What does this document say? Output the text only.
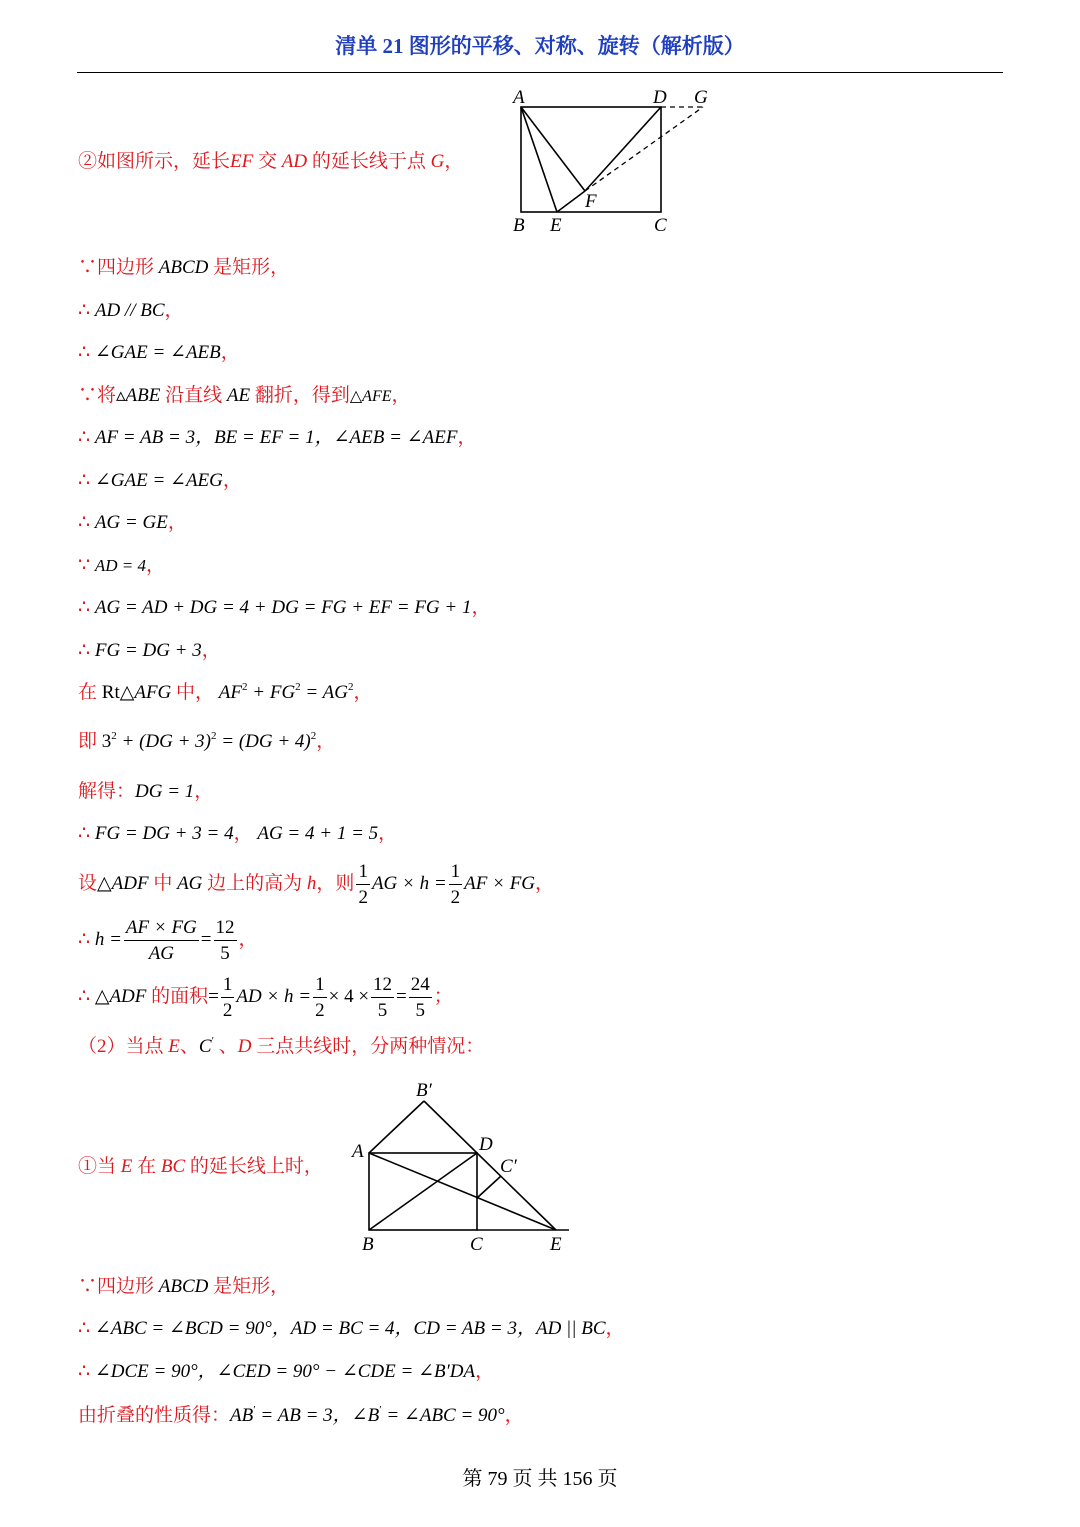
清单 21 图形的平移、对称、旋转（解析版）
A	D G
F
B E	C
B′
A	D
C′
B	C	E
②如图所示，延长EF 交 AD 的延长线于点 G，
∵四边形 ABCD 是矩形，
∴ AD // BC，
∴ ∠GAE = ∠AEB，
∵将▵ABE 沿直线 AE 翻折，得到△AFE，
∴ AF = AB = 3，BE = EF = 1，∠AEB = ∠AEF，
∴ ∠GAE = ∠AEG，
∴ AG = GE，
∵ AD = 4，
∴ AG = AD + DG = 4 + DG = FG + EF = FG + 1，
∴ FG = DG + 3，
在 Rt△AFG 中， $AF^2 + FG^2 = AG^2$，
即 $3^2 + (DG + 3)^2 = (DG + 4)^2$，
解得：DG = 1，
∴ FG = DG + 3 = 4， AG = 4 + 1 = 5，
设△ADF 中 AG 边上的高为 h，则 $\frac{1}{2}$ AG × $h = \frac{1}{2}$ AF × FG，
∴ $h = \frac{AF \times FG}{AG} = \frac{12}{5}$ ，
∴ △ADF 的面积= $\frac{1}{2}$ AD × $h = \frac{1}{2} \times 4 \times \frac{12}{5} = \frac{24}{5}$ ；
（2）当点 E、C′ 、D 三点共线时，分两种情况：
①当 E 在 BC 的延长线上时，
∵四边形 ABCD 是矩形，
∴ ∠ABC = ∠BCD = 90°，AD = BC = 4，CD = AB = 3，AD || BC，
∴ ∠DCE = 90°，∠CED = 90° − ∠CDE = ∠B′DA，
由折叠的性质得：AB′ = AB = 3，∠B′ = ∠ABC = 90°，
第 79 页 共 156 页
